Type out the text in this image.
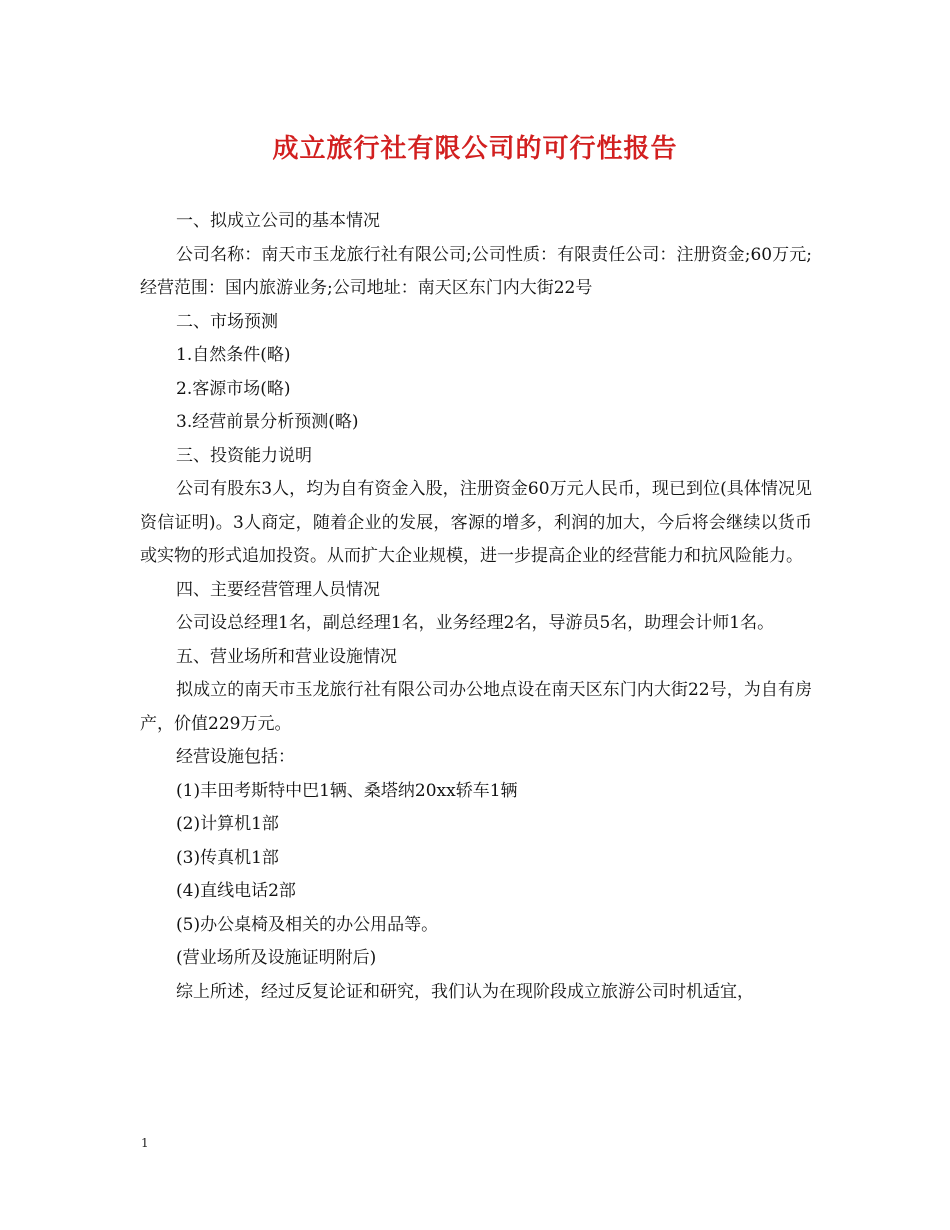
成立旅行社有限公司的可行性报告

一、拟成立公司的基本情况

公司名称：南天市玉龙旅行社有限公司;公司性质：有限责任公司：注册资金;60万元;经营范围：国内旅游业务;公司地址：南天区东门内大街22号

二、市场预测

1.自然条件(略)

2.客源市场(略)

3.经营前景分析预测(略)

三、投资能力说明

公司有股东3人，均为自有资金入股，注册资金60万元人民币，现已到位(具体情况见资信证明)。3人商定，随着企业的发展，客源的增多，利润的加大，今后将会继续以货币或实物的形式追加投资。从而扩大企业规模，进一步提高企业的经营能力和抗风险能力。

四、主要经营管理人员情况

公司设总经理1名，副总经理1名，业务经理2名，导游员5名，助理会计师1名。

五、营业场所和营业设施情况

拟成立的南天市玉龙旅行社有限公司办公地点设在南天区东门内大街22号，为自有房产，价值229万元。

经营设施包括：

(1)丰田考斯特中巴1辆、桑塔纳20xx轿车1辆

(2)计算机1部

(3)传真机1部

(4)直线电话2部

(5)办公桌椅及相关的办公用品等。

(营业场所及设施证明附后)

综上所述，经过反复论证和研究，我们认为在现阶段成立旅游公司时机适宜，

1
